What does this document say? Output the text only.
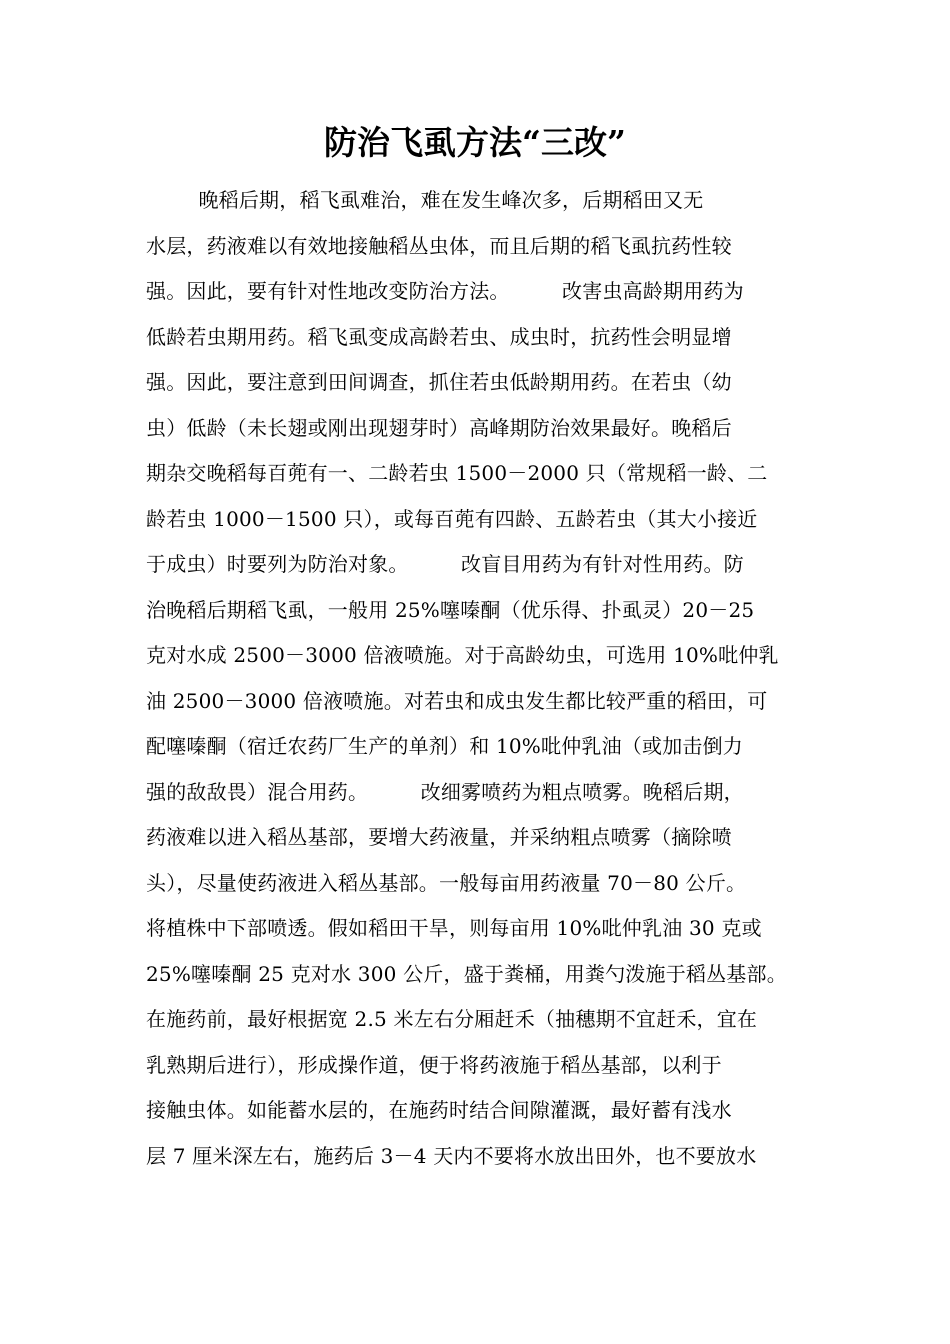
防治飞虱方法“三改”
晚稻后期，稻飞虱难治，难在发生峰次多，后期稻田又无
水层，药液难以有效地接触稻丛虫体，而且后期的稻飞虱抗药性较
强。因此，要有针对性地改变防治方法。        改害虫高龄期用药为
低龄若虫期用药。稻飞虱变成高龄若虫、成虫时，抗药性会明显增
强。因此，要注意到田间调查，抓住若虫低龄期用药。在若虫（幼
虫）低龄（未长翅或刚出现翅芽时）高峰期防治效果最好。晚稻后
期杂交晚稻每百蔸有一、二龄若虫 1500－2000 只（常规稻一龄、二
龄若虫 1000－1500 只），或每百蔸有四龄、五龄若虫（其大小接近
于成虫）时要列为防治对象。        改盲目用药为有针对性用药。防
治晚稻后期稻飞虱，一般用 25%噻嗪酮（优乐得、扑虱灵）20－25
克对水成 2500－3000 倍液喷施。对于高龄幼虫，可选用 10%吡仲乳
油 2500－3000 倍液喷施。对若虫和成虫发生都比较严重的稻田，可
配噻嗪酮（宿迁农药厂生产的单剂）和 10%吡仲乳油（或加击倒力
强的敌敌畏）混合用药。        改细雾喷药为粗点喷雾。晚稻后期，
药液难以进入稻丛基部，要增大药液量，并采纳粗点喷雾（摘除喷
头），尽量使药液进入稻丛基部。一般每亩用药液量 70－80 公斤。
将植株中下部喷透。假如稻田干旱，则每亩用 10%吡仲乳油 30 克或
25%噻嗪酮 25 克对水 300 公斤，盛于粪桶，用粪勺泼施于稻丛基部。
在施药前，最好根据宽 2.5 米左右分厢赶禾（抽穗期不宜赶禾，宜在
乳熟期后进行），形成操作道，便于将药液施于稻丛基部，以利于
接触虫体。如能蓄水层的，在施药时结合间隙灌溉，最好蓄有浅水
层 7 厘米深左右，施药后 3－4 天内不要将水放出田外，也不要放水
